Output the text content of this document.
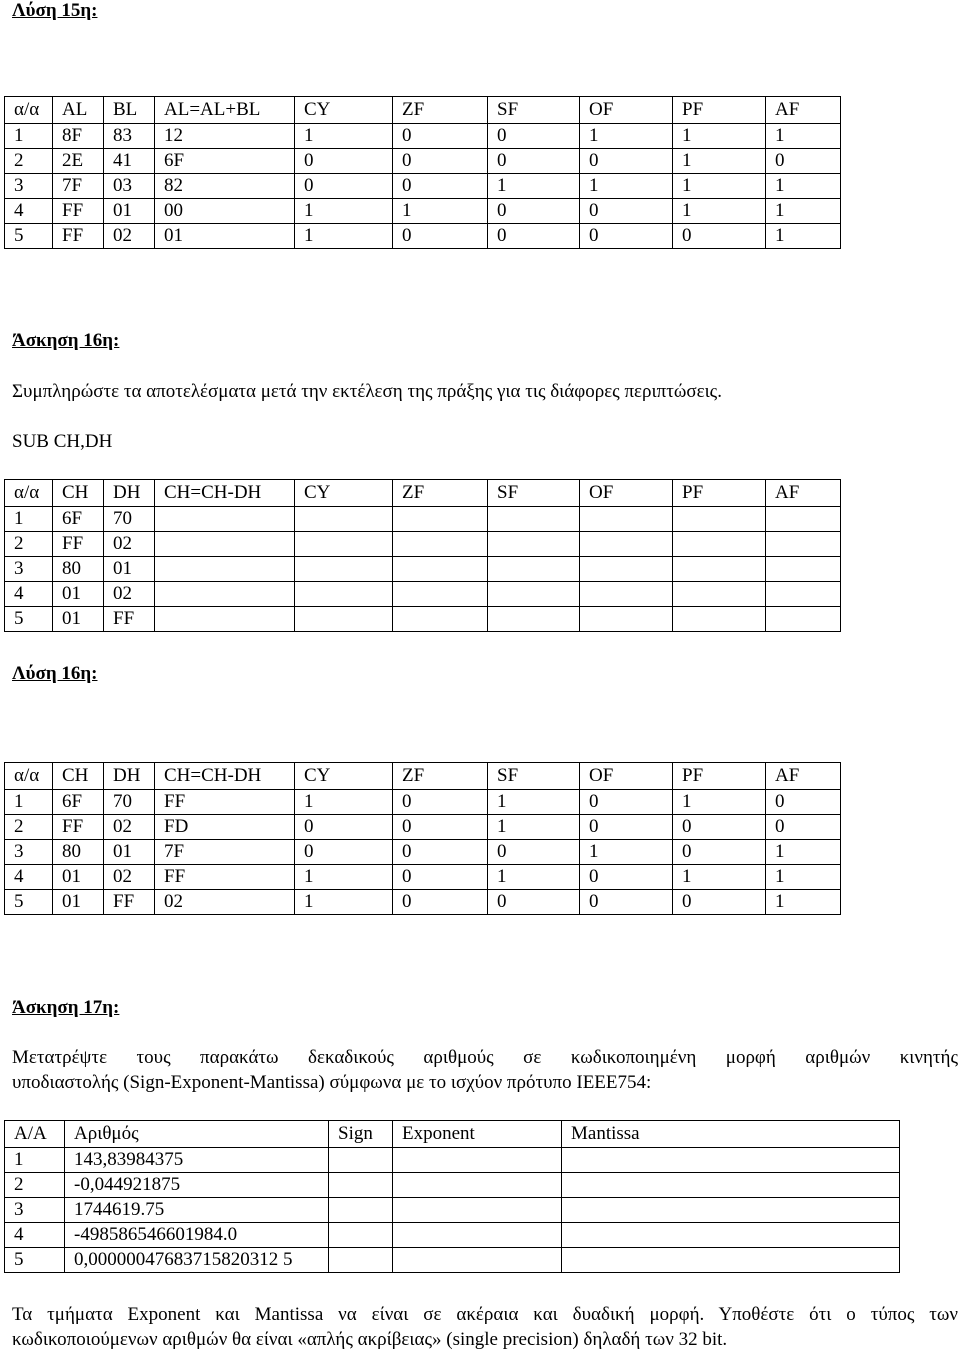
Λύση 15η:
α/α	AL	BL	AL=AL+BL	CY	ZF	SF	OF	PF	AF
1	8F	83	12	1	0	0	1	1	1
2	2E	41	6F	0	0	0	0	1	0
3	7F	03	82	0	0	1	1	1	1
4	FF	01	00	1	1	0	0	1	1
5	FF	02	01	1	0	0	0	0	1
Άσκηση 16η:

Συμπληρώστε τα αποτελέσματα μετά την εκτέλεση της πράξης για τις διάφορες περιπτώσεις.

SUB CH,DH

α/α	CH	DH	CH=CH-DH	CY	ZF	SF	OF	PF	AF
1	6F	70							
2	FF	02							
3	80	01							
4	01	02							
5	01	FF							
Λύση 16η:
α/α	CH	DH	CH=CH-DH	CY	ZF	SF	OF	PF	AF
1	6F	70	FF	1	0	1	0	1	0
2	FF	02	FD	0	0	1	0	0	0
3	80	01	7F	0	0	0	1	0	1
4	01	02	FF	1	0	1	0	1	1
5	01	FF	02	1	0	0	0	0	1
Άσκηση 17η:

Μετατρέψτε τους παρακάτω δεκαδικούς αριθμούς σε κωδικοποιημένη μορφή αριθμών κινητής

υποδιαστολής (Sign-Exponent-Mantissa) σύμφωνα με το ισχύον πρότυπο IEEE754:

Α/Α	Αριθμός	Sign	Exponent	Mantissa
1	143,83984375			
2	-0,044921875			
3	1744619.75			
4	-498586546601984.0			
5	0,00000047683715820312 5			

Τα τμήματα Exponent και Mantissa να είναι σε ακέραια και δυαδική μορφή. Υποθέστε ότι ο τύπος των

κωδικοποιούμενων αριθμών θα είναι «απλής ακρίβειας» (single precision) δηλαδή των 32 bit.
